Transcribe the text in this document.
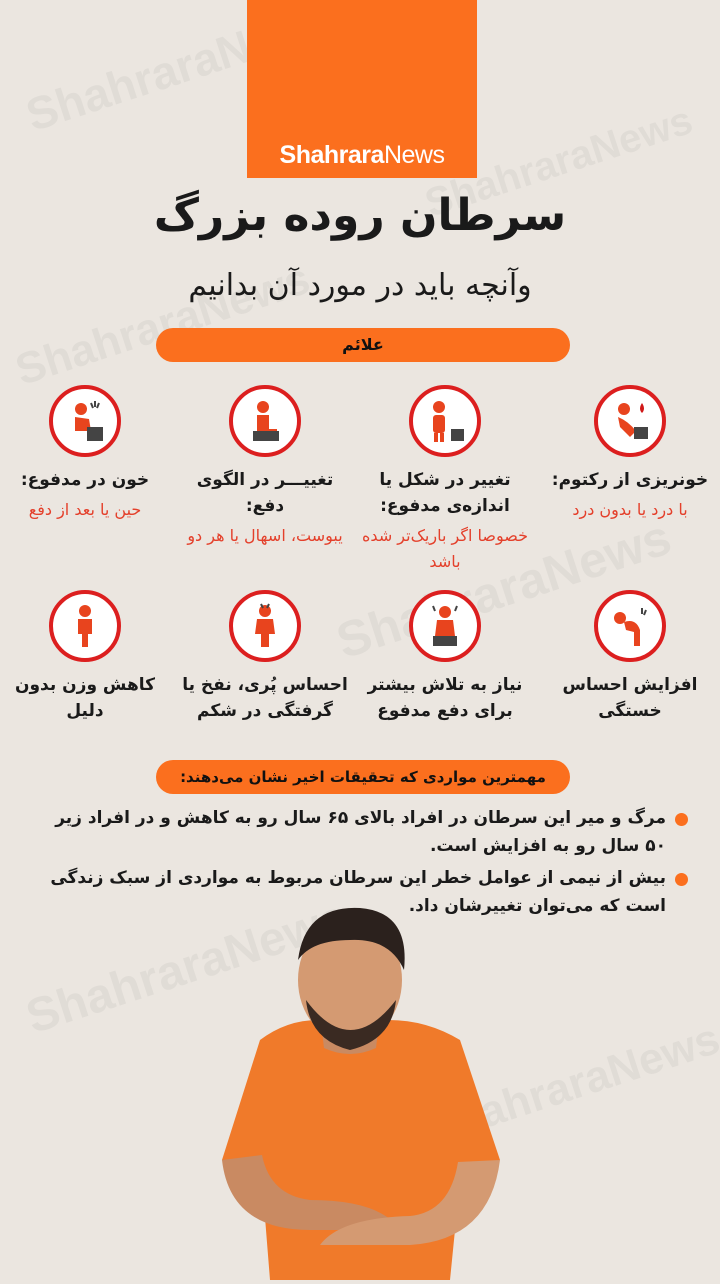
ShahraraNews
سرطان روده بزرگ
وآنچه باید در مورد آن بدانیم
علائم
خونریزی از رکتوم:
با درد یا بدون درد
تغییر در شکل یا اندازه‌ی مدفوع:
خصوصا اگر باریک‌تر شده باشد
تغییـــر در الگوی دفع:
یبوست، اسهال یا هر دو
خون در مدفوع:
حین یا بعد از دفع
افزایش احساس خستگی
نیاز به تلاش بیشتر برای دفع مدفوع
احساس پُری، نفخ یا گرفتگی در شکم
کاهش وزن بدون دلیل
مهمترین مواردی که تحقیقات اخیر نشان می‌دهند:
مرگ و میر این سرطان در افراد بالای ۶۵ سال رو به کاهش و در افراد زیر ۵۰ سال رو به افزایش است.
بیش از نیمی از عوامل خطر این سرطان مربوط به مواردی از سبک زندگی است که می‌توان تغییرشان داد.
